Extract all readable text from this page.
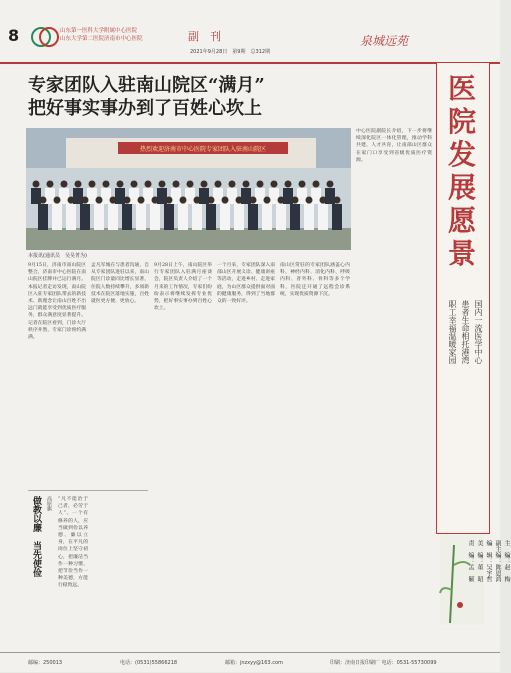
8	山东第一医科大学附属中心医院
山东大学第二医院济南市中心医院	副　刊
2021年9月28日　第9期　总312期
泉城远苑
专家团队入驻南山院区“满月”
把好事实事办到了百姓心坎上
热烈欢迎济南市中心医院专家团队入驻南山院区
本报讯(通讯员　吴昊菁为)
9月15日，济南市南山院区整合，济南市中心医院在南山院区挂牌并已运行满月。本报记者走访发现，南山院区入驻专家团队带去的新技术、新理念让南山百姓不出远门就能享受到优质医疗服务，群众满意度显著提升。记者在院区看到，门诊大厅秩序井然，专家门诊预约满满。
孟凡军城在与患者沟通，自从专家团队进驻以来，南山院区门诊量同比增长显著，住院人数持续攀升，多项新技术在院区落地实施，百姓就医更方便、更放心。
9月28日上午，南山院区举行专家团队入驻满月座谈会，院区负责人介绍了一个月来的工作情况，专家们纷纷表示将继续发挥专业优势，把好事实事办到百姓心坎上。
一个月来，专家团队深入南部山区开展义诊、健康讲座等活动，走进乡村、走进家庭，为山区群众提供面对面的健康服务，得到了当地群众的一致好评。
南山区常驻的专家团队涵盖心内科、神经内科、消化内科、呼吸内科、普外科、骨科等多个学科，医院还开通了远程会诊系统，实现优质资源下沉。
中心医院副院长介绍，下一步将继续深化院区一体化管理，推动学科共建、人才共育，让南部山区群众在家门口享受到省级优质医疗资源。
做教以廉　当先使俭 高原旗 “凡不能治于己者，必劳于人”。一个有修养的人，应当做到俭以养德、廉以立身，在平凡的岗位上坚守初心，把廉洁当作一种习惯，把节俭当作一种美德，方能行稳致远。
医院发展愿景
国内一流医学中心
患者生命相托港湾
职工幸福温暖家园
主　编：赵　梅
副主编：陈恩鸿
编　辑：吴宇哲
美　编：董　昭
责　编：孟　颖
邮编：250013	电话：(0531)55866218	邮箱：jnzxyy@163.com	印刷：济南日报印刷厂 电话：0531-55730099
